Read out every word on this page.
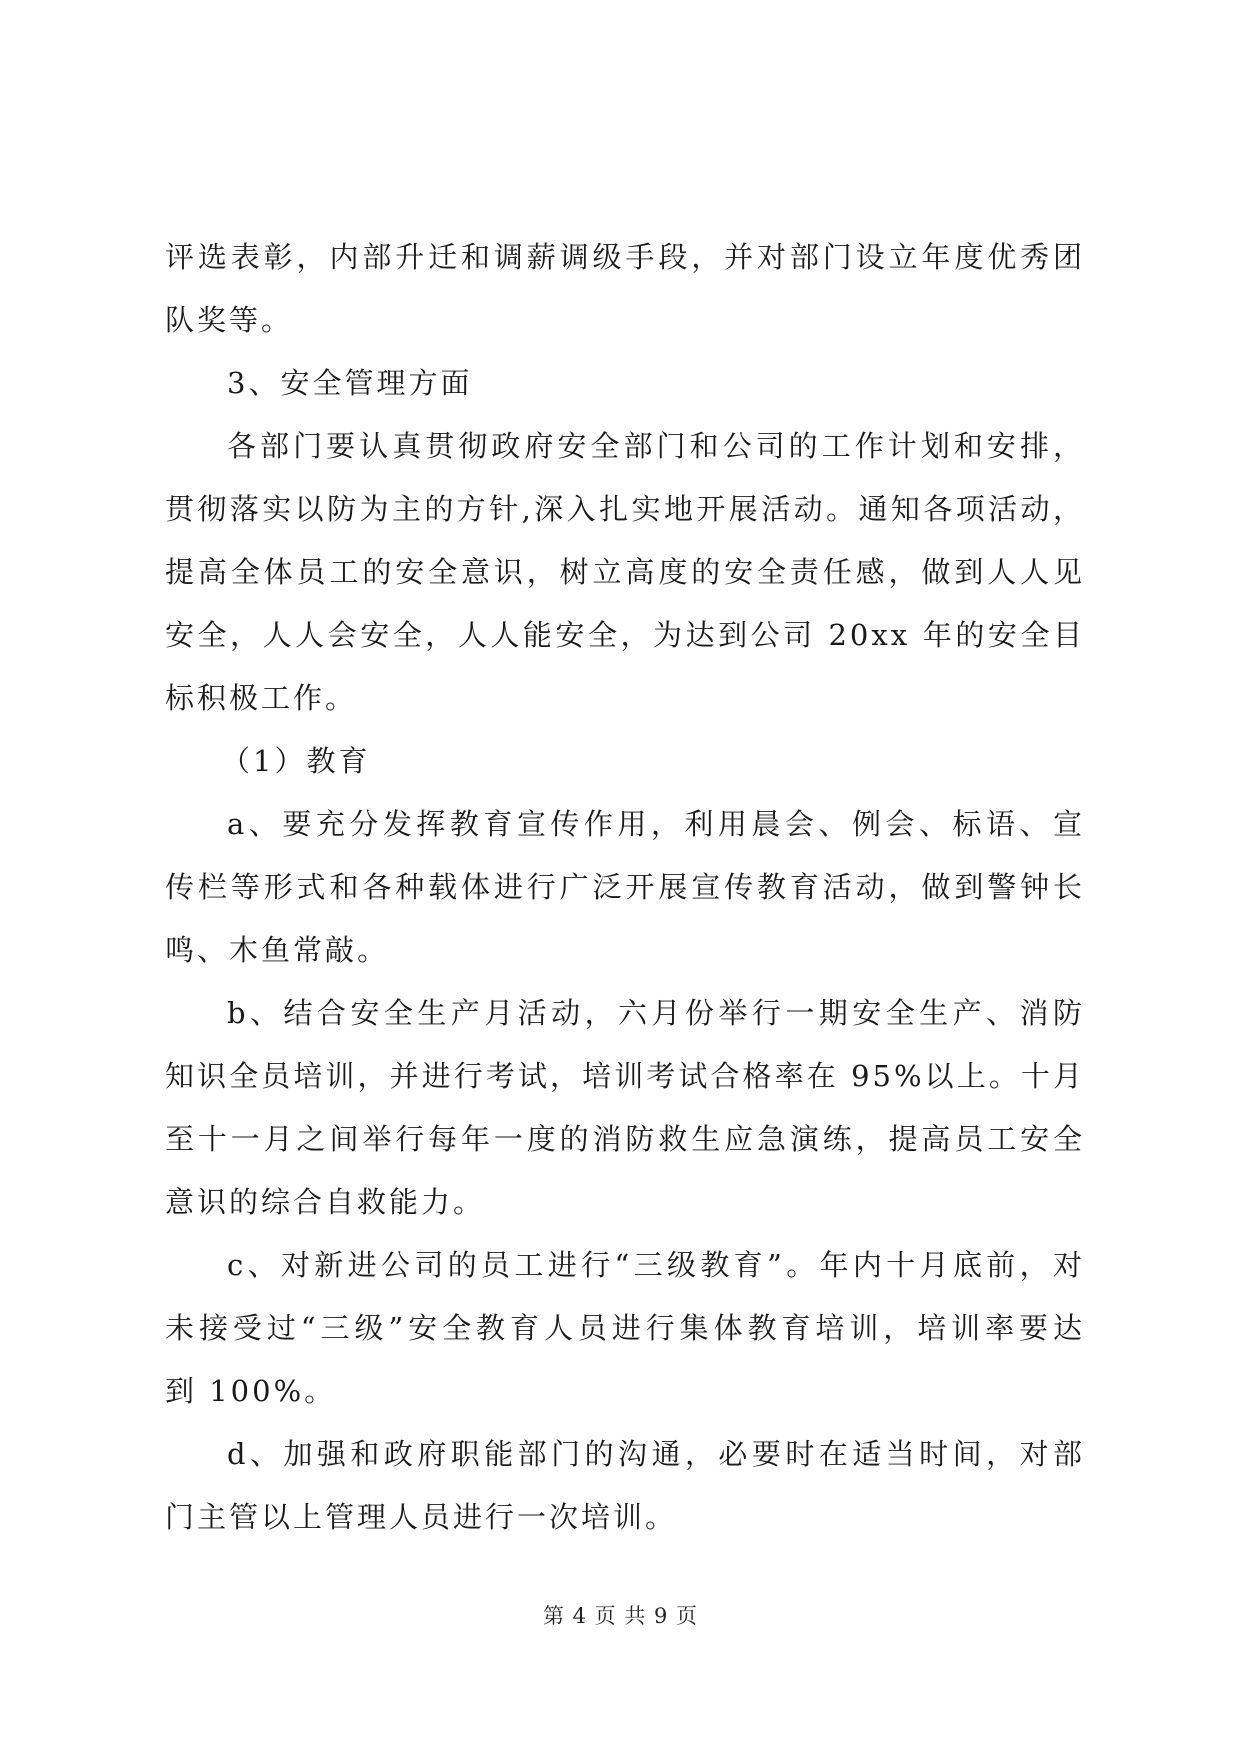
评选表彰，内部升迁和调薪调级手段，并对部门设立年度优秀团
队奖等。
3、安全管理方面
各部门要认真贯彻政府安全部门和公司的工作计划和安排，
贯彻落实以防为主的方针,深入扎实地开展活动。通知各项活动，
提高全体员工的安全意识，树立高度的安全责任感，做到人人见
安全，人人会安全，人人能安全，为达到公司 20xx 年的安全目
标积极工作。
（1）教育
a、要充分发挥教育宣传作用，利用晨会、例会、标语、宣
传栏等形式和各种载体进行广泛开展宣传教育活动，做到警钟长
鸣、木鱼常敲。
b、结合安全生产月活动，六月份举行一期安全生产、消防
知识全员培训，并进行考试，培训考试合格率在 95%以上。十月
至十一月之间举行每年一度的消防救生应急演练，提高员工安全
意识的综合自救能力。
c、对新进公司的员工进行“三级教育”。年内十月底前，对
未接受过“三级”安全教育人员进行集体教育培训，培训率要达
到 100%。
d、加强和政府职能部门的沟通，必要时在适当时间，对部
门主管以上管理人员进行一次培训。
第 4 页 共 9 页
